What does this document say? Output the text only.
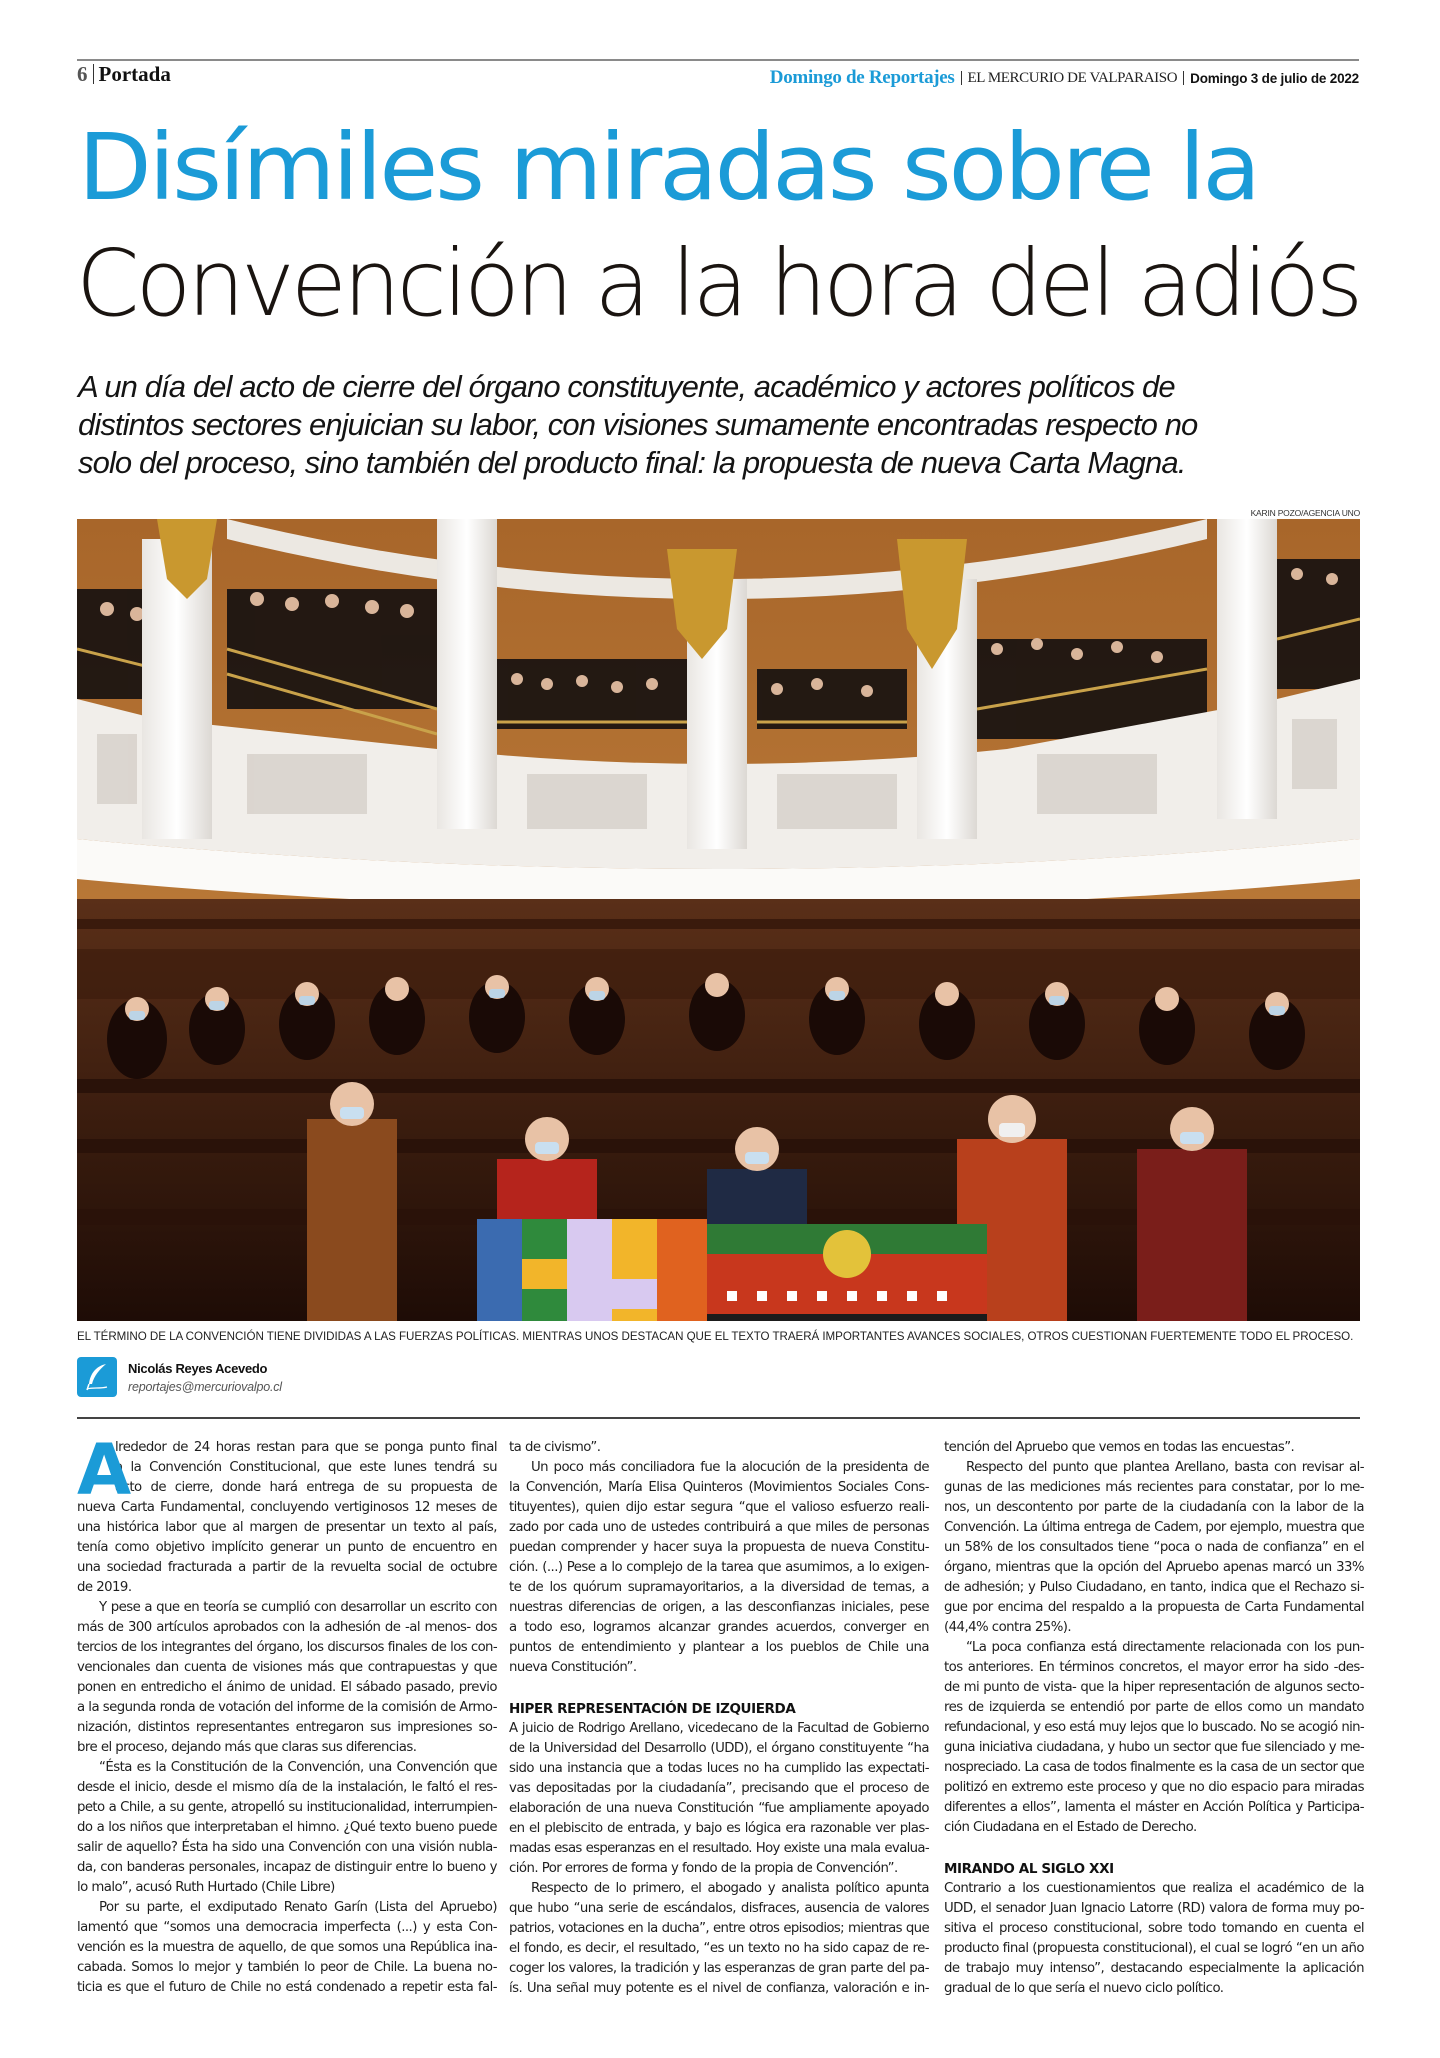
6 Portada	Domingo de Reportajes EL MERCURIO DE VALPARAISO Domingo 3 de julio de 2022
Disímiles miradas sobre la
Convención a la hora del adiós
A un día del acto de cierre del órgano constituyente, académico y actores políticos de
distintos sectores enjuician su labor, con visiones sumamente encontradas respecto no
solo del proceso, sino también del producto final: la propuesta de nueva Carta Magna.
KARIN POZO/AGENCIA UNO
EL TÉRMINO DE LA CONVENCIÓN TIENE DIVIDIDAS A LAS FUERZAS POLÍTICAS. MIENTRAS UNOS DESTACAN QUE EL TEXTO TRAERÁ IMPORTANTES AVANCES SOCIALES, OTROS CUESTIONAN FUERTEMENTE TODO EL PROCESO.
Nicolás Reyes Acevedo
reportajes@mercuriovalpo.cl
A
lrededor de 24 horas restan para que se ponga punto final
a la Convención Constitucional, que este lunes tendrá su
acto de cierre, donde hará entrega de su propuesta de
nueva Carta Fundamental, concluyendo vertiginosos 12 meses de
una histórica labor que al margen de presentar un texto al país,
tenía como objetivo implícito generar un punto de encuentro en
una sociedad fracturada a partir de la revuelta social de octubre
de 2019.
Y pese a que en teoría se cumplió con desarrollar un escrito con
más de 300 artículos aprobados con la adhesión de -al menos- dos
tercios de los integrantes del órgano, los discursos finales de los con-
vencionales dan cuenta de visiones más que contrapuestas y que
ponen en entredicho el ánimo de unidad. El sábado pasado, previo
a la segunda ronda de votación del informe de la comisión de Armo-
nización, distintos representantes entregaron sus impresiones so-
bre el proceso, dejando más que claras sus diferencias.
“Ésta es la Constitución de la Convención, una Convención que
desde el inicio, desde el mismo día de la instalación, le faltó el res-
peto a Chile, a su gente, atropelló su institucionalidad, interrumpien-
do a los niños que interpretaban el himno. ¿Qué texto bueno puede
salir de aquello? Ésta ha sido una Convención con una visión nubla-
da, con banderas personales, incapaz de distinguir entre lo bueno y
lo malo”, acusó Ruth Hurtado (Chile Libre)
Por su parte, el exdiputado Renato Garín (Lista del Apruebo)
lamentó que “somos una democracia imperfecta (...) y esta Con-
vención es la muestra de aquello, de que somos una República ina-
cabada. Somos lo mejor y también lo peor de Chile. La buena no-
ticia es que el futuro de Chile no está condenado a repetir esta fal-
ta de civismo”.
Un poco más conciliadora fue la alocución de la presidenta de
la Convención, María Elisa Quinteros (Movimientos Sociales Cons-
tituyentes), quien dijo estar segura “que el valioso esfuerzo reali-
zado por cada uno de ustedes contribuirá a que miles de personas
puedan comprender y hacer suya la propuesta de nueva Constitu-
ción. (...) Pese a lo complejo de la tarea que asumimos, a lo exigen-
te de los quórum supramayoritarios, a la diversidad de temas, a
nuestras diferencias de origen, a las desconfianzas iniciales, pese
a todo eso, logramos alcanzar grandes acuerdos, converger en
puntos de entendimiento y plantear a los pueblos de Chile una
nueva Constitución”.
HIPER REPRESENTACIÓN DE IZQUIERDA
A juicio de Rodrigo Arellano, vicedecano de la Facultad de Gobierno
de la Universidad del Desarrollo (UDD), el órgano constituyente “ha
sido una instancia que a todas luces no ha cumplido las expectati-
vas depositadas por la ciudadanía”, precisando que el proceso de
elaboración de una nueva Constitución “fue ampliamente apoyado
en el plebiscito de entrada, y bajo es lógica era razonable ver plas-
madas esas esperanzas en el resultado. Hoy existe una mala evalua-
ción. Por errores de forma y fondo de la propia de Convención”.
Respecto de lo primero, el abogado y analista político apunta
que hubo “una serie de escándalos, disfraces, ausencia de valores
patrios, votaciones en la ducha”, entre otros episodios; mientras que
el fondo, es decir, el resultado, “es un texto no ha sido capaz de re-
coger los valores, la tradición y las esperanzas de gran parte del pa-
ís. Una señal muy potente es el nivel de confianza, valoración e in-
tención del Apruebo que vemos en todas las encuestas”.
Respecto del punto que plantea Arellano, basta con revisar al-
gunas de las mediciones más recientes para constatar, por lo me-
nos, un descontento por parte de la ciudadanía con la labor de la
Convención. La última entrega de Cadem, por ejemplo, muestra que
un 58% de los consultados tiene “poca o nada de confianza” en el
órgano, mientras que la opción del Apruebo apenas marcó un 33%
de adhesión; y Pulso Ciudadano, en tanto, indica que el Rechazo si-
gue por encima del respaldo a la propuesta de Carta Fundamental
(44,4% contra 25%).
“La poca confianza está directamente relacionada con los pun-
tos anteriores. En términos concretos, el mayor error ha sido -des-
de mi punto de vista- que la hiper representación de algunos secto-
res de izquierda se entendió por parte de ellos como un mandato
refundacional, y eso está muy lejos que lo buscado. No se acogió nin-
guna iniciativa ciudadana, y hubo un sector que fue silenciado y me-
nospreciado. La casa de todos finalmente es la casa de un sector que
politizó en extremo este proceso y que no dio espacio para miradas
diferentes a ellos”, lamenta el máster en Acción Política y Participa-
ción Ciudadana en el Estado de Derecho.
MIRANDO AL SIGLO XXI
Contrario a los cuestionamientos que realiza el académico de la
UDD, el senador Juan Ignacio Latorre (RD) valora de forma muy po-
sitiva el proceso constitucional, sobre todo tomando en cuenta el
producto final (propuesta constitucional), el cual se logró “en un año
de trabajo muy intenso”, destacando especialmente la aplicación
gradual de lo que sería el nuevo ciclo político.
